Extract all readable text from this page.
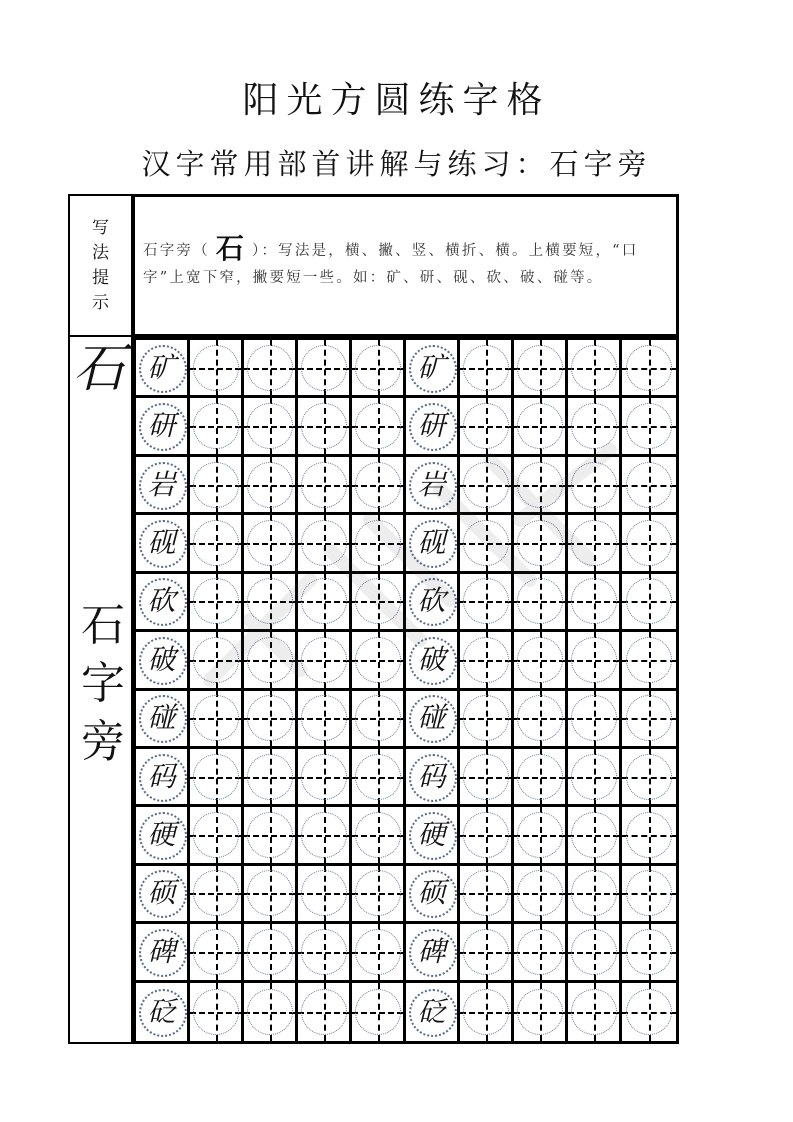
阳光方圆练字格
汉字常用部首讲解与练习：石字旁
写
法
提
示
石字旁（ 石 ）：写法是，横、撇、竖、横折、横。上横要短，“口字”上宽下窄，撇要短一些。如：矿、研、砚、砍、破、碰等。
石
石
字
旁
矿	矿
研	研
岩	岩
砚	砚
砍	砍
破	破
碰	碰
码	码
硬	硬
硕	硕
碑	碑
砭	砭
